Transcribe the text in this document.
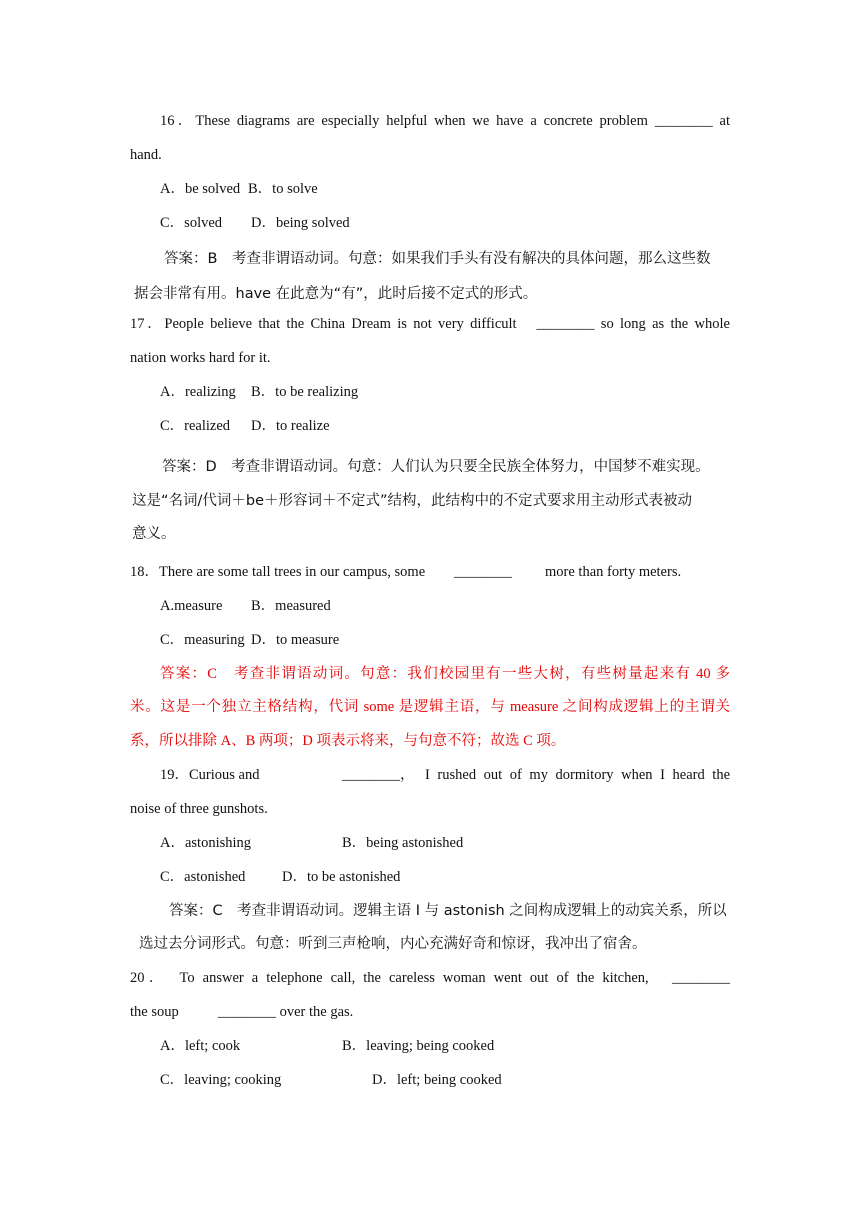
16．These diagrams are especially helpful when we have a concrete problem ________ at
hand.
A．be solved B．to solve
C．solved D．being solved
答案：B　考查非谓语动词。句意：如果我们手头有没有解决的具体问题，那么这些数
据会非常有用。have 在此意为“有”，此时后接不定式的形式。
17．People believe that the China Dream is not very difficult　________ so long as the whole
nation works hard for it.
A．realizing B．to be realizing
C．realized D．to realize
答案：D　考查非谓语动词。句意：人们认为只要全民族全体努力，中国梦不难实现。
这是“名词/代词＋be＋形容词＋不定式”结构，此结构中的不定式要求用主动形式表被动
意义。
18．There are some tall trees in our campus, some ________ more than forty meters.
A.measure B．measured
C．measuring D．to measure
答案：C　考查非谓语动词。句意：我们校园里有一些大树，有些树量起来有 40 多
米。这是一个独立主格结构，代词 some 是逻辑主语，与 measure 之间构成逻辑上的主谓关
系，所以排除 A、B 两项；D 项表示将来，与句意不符；故选 C 项。
19．Curious and	________， I rushed out of my dormitory when I heard the
noise of three gunshots.
A．astonishing	B．being astonished
C．astonished	D．to be astonished
答案：C　考查非谓语动词。逻辑主语 I 与 astonish 之间构成逻辑上的动宾关系，所以
选过去分词形式。句意：听到三声枪响，内心充满好奇和惊讶，我冲出了宿舍。
20．　To answer a telephone call, the careless woman went out of the kitchen,　________
the soup	________ over the gas.
A．left; cook	B．leaving; being cooked
C．leaving; cooking	D．left; being cooked
